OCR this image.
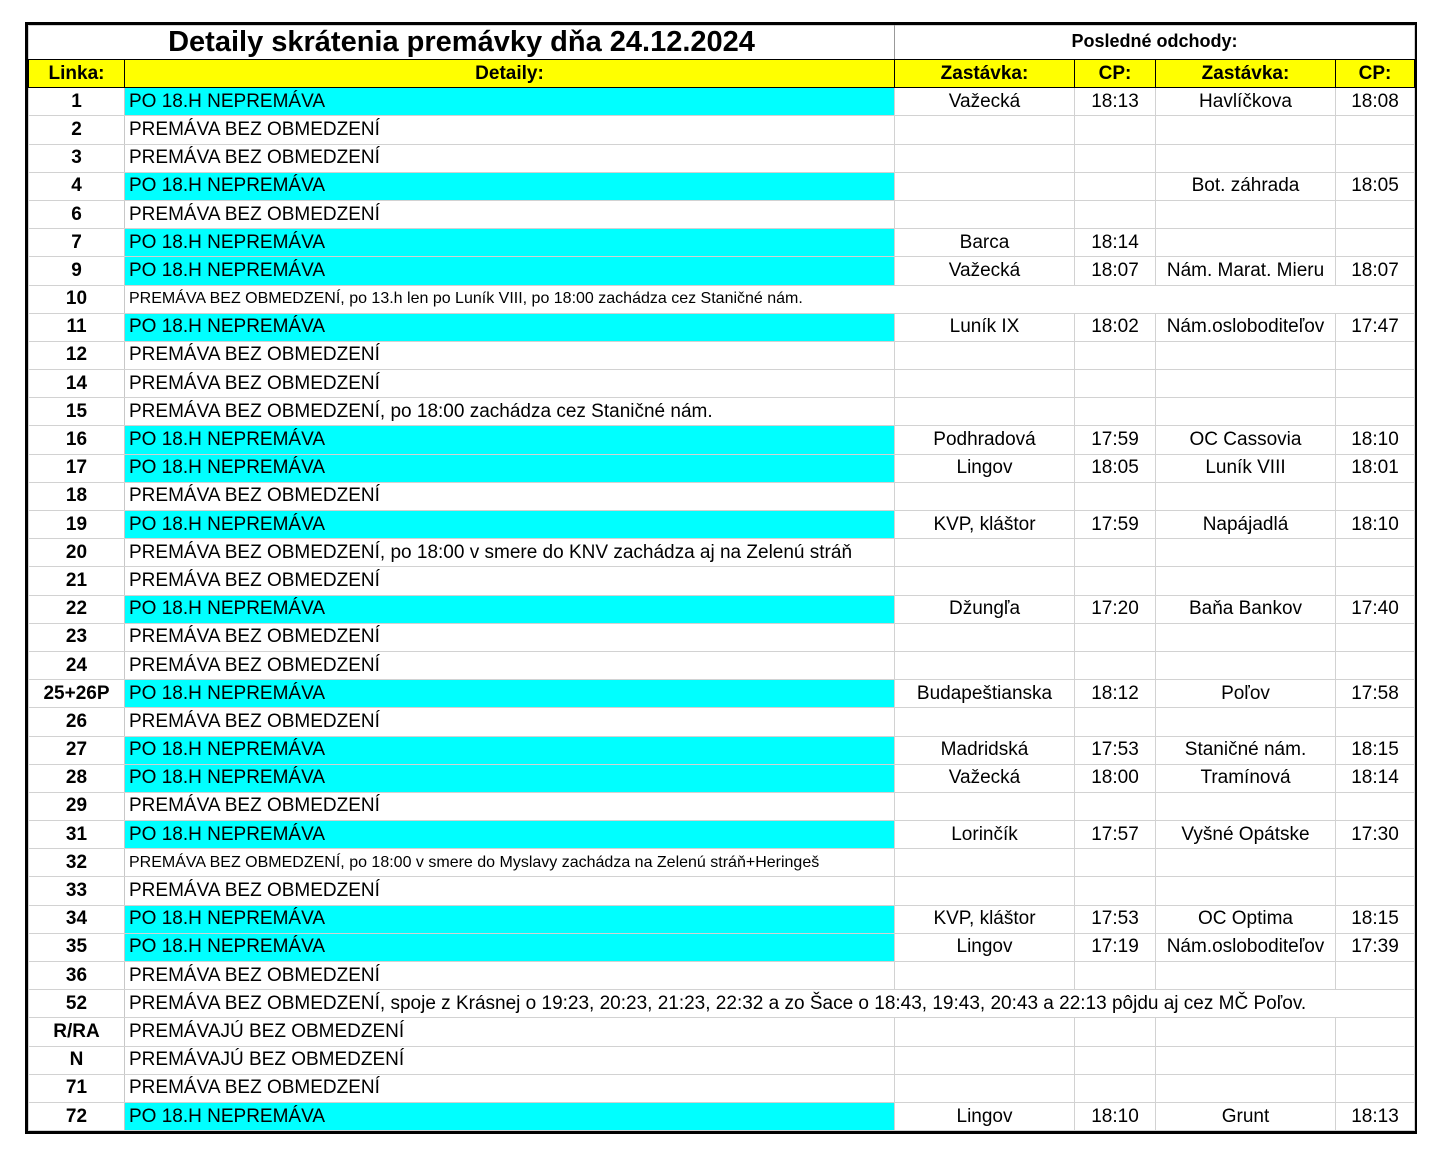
Detaily skrátenia premávky dňa 24.12.2024		Posledné odchody:			
Linka:	Detaily:	Zastávka:	CP:	Zastávka:	CP:
1	PO 18.H NEPREMÁVA	Važecká	18:13	Havlíčkova	18:08
2	PREMÁVA BEZ OBMEDZENÍ				
3	PREMÁVA BEZ OBMEDZENÍ				
4	PO 18.H NEPREMÁVA			Bot. záhrada	18:05
6	PREMÁVA BEZ OBMEDZENÍ				
7	PO 18.H NEPREMÁVA	Barca	18:14		
9	PO 18.H NEPREMÁVA	Važecká	18:07	Nám. Marat. Mieru	18:07
10	PREMÁVA BEZ OBMEDZENÍ, po 13.h len po Luník VIII, po 18:00 zachádza cez Staničné nám.				
11	PO 18.H NEPREMÁVA	Luník IX	18:02	Nám.osloboditeľov	17:47
12	PREMÁVA BEZ OBMEDZENÍ				
14	PREMÁVA BEZ OBMEDZENÍ				
15	PREMÁVA BEZ OBMEDZENÍ, po 18:00 zachádza cez Staničné nám.				
16	PO 18.H NEPREMÁVA	Podhradová	17:59	OC Cassovia	18:10
17	PO 18.H NEPREMÁVA	Lingov	18:05	Luník VIII	18:01
18	PREMÁVA BEZ OBMEDZENÍ				
19	PO 18.H NEPREMÁVA	KVP, kláštor	17:59	Napájadlá	18:10
20	PREMÁVA BEZ OBMEDZENÍ, po 18:00 v smere do KNV zachádza aj na Zelenú stráň				
21	PREMÁVA BEZ OBMEDZENÍ				
22	PO 18.H NEPREMÁVA	Džungľa	17:20	Baňa Bankov	17:40
23	PREMÁVA BEZ OBMEDZENÍ				
24	PREMÁVA BEZ OBMEDZENÍ				
25+26P	PO 18.H NEPREMÁVA	Budapeštianska	18:12	Poľov	17:58
26	PREMÁVA BEZ OBMEDZENÍ				
27	PO 18.H NEPREMÁVA	Madridská	17:53	Staničné nám.	18:15
28	PO 18.H NEPREMÁVA	Važecká	18:00	Tramínová	18:14
29	PREMÁVA BEZ OBMEDZENÍ				
31	PO 18.H NEPREMÁVA	Lorinčík	17:57	Vyšné Opátske	17:30
32	PREMÁVA BEZ OBMEDZENÍ, po 18:00 v smere do Myslavy zachádza na Zelenú stráň+Heringeš				
33	PREMÁVA BEZ OBMEDZENÍ				
34	PO 18.H NEPREMÁVA	KVP, kláštor	17:53	OC Optima	18:15
35	PO 18.H NEPREMÁVA	Lingov	17:19	Nám.osloboditeľov	17:39
36	PREMÁVA BEZ OBMEDZENÍ				
52	PREMÁVA BEZ OBMEDZENÍ, spoje z Krásnej o 19:23, 20:23, 21:23, 22:32 a zo Šace o 18:43, 19:43, 20:43 a 22:13 pôjdu aj cez MČ Poľov.				
R/RA	PREMÁVAJÚ BEZ OBMEDZENÍ				
N	PREMÁVAJÚ BEZ OBMEDZENÍ				
71	PREMÁVA BEZ OBMEDZENÍ				
72	PO 18.H NEPREMÁVA	Lingov	18:10	Grunt	18:13
